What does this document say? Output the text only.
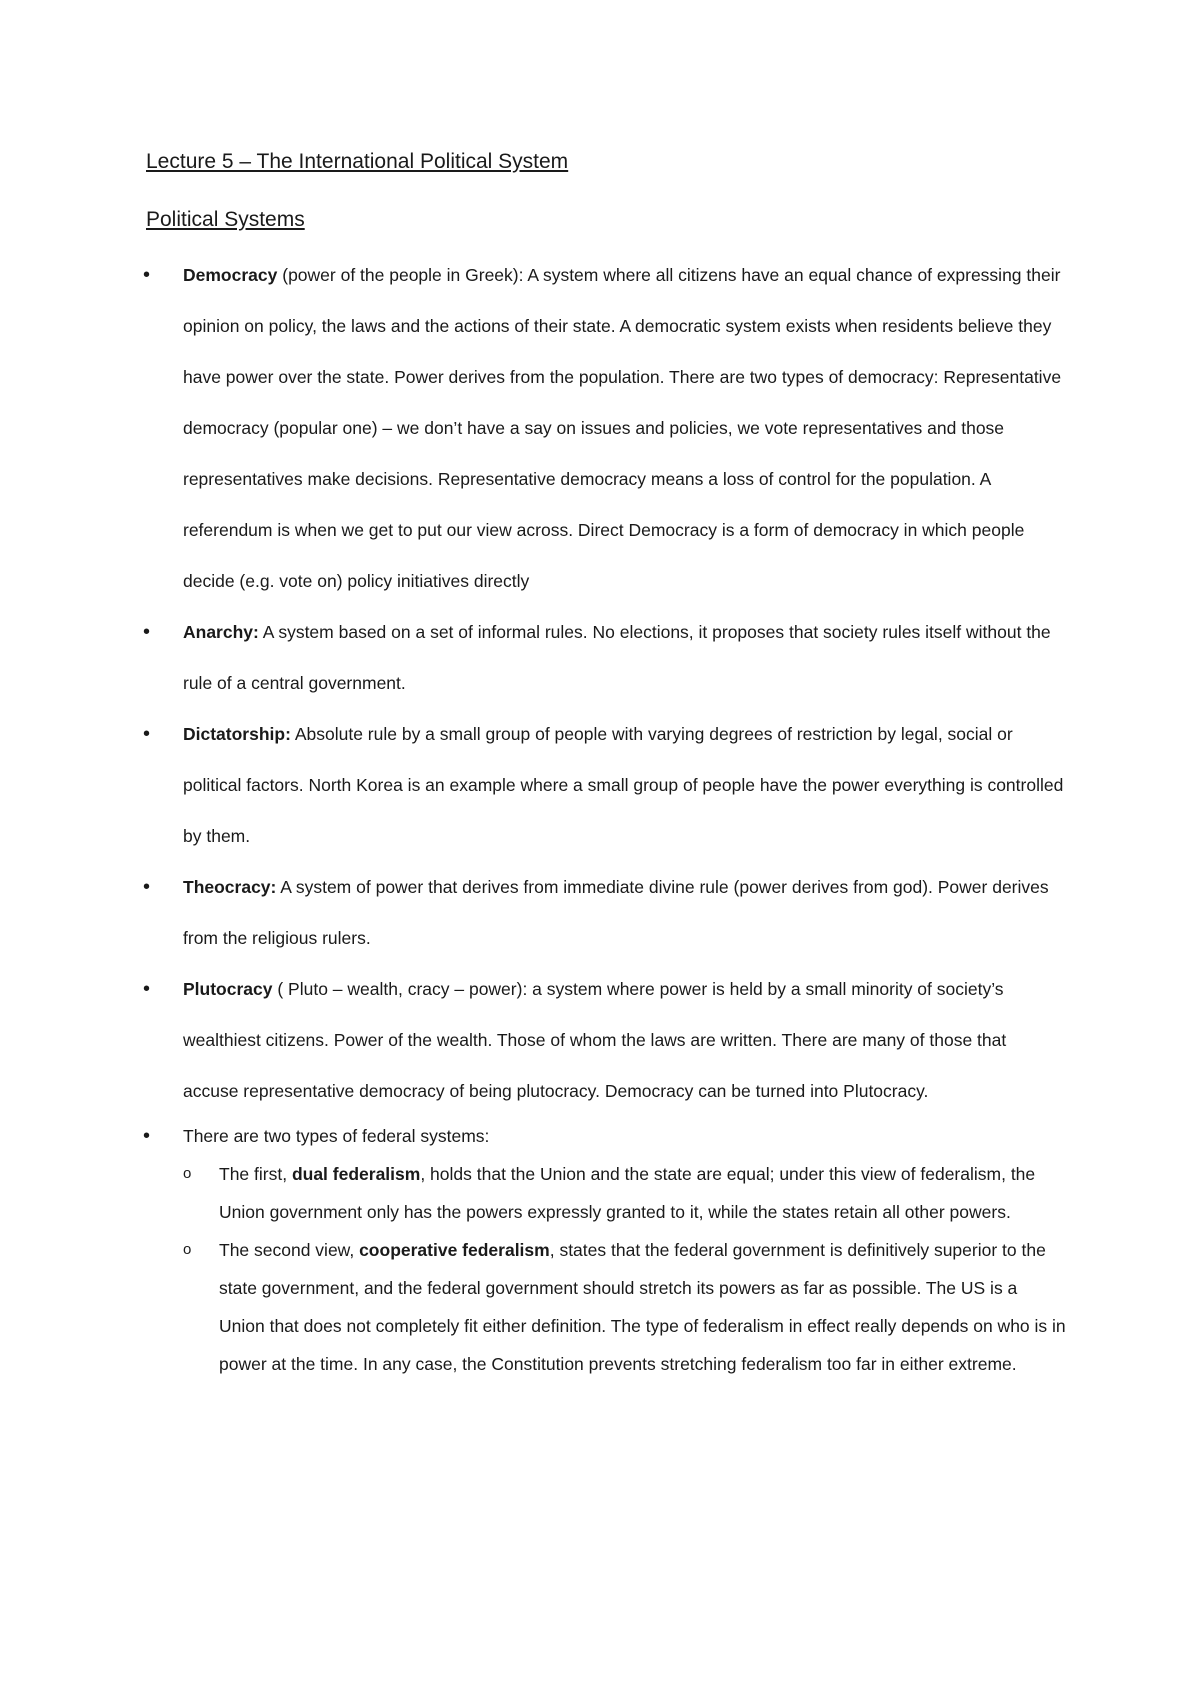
Lecture 5 – The International Political System
Political Systems
• Democracy (power of the people in Greek): A system where all citizens have an equal chance of expressing their opinion on policy, the laws and the actions of their state. A democratic system exists when residents believe they have power over the state. Power derives from the population. There are two types of democracy: Representative democracy (popular one) – we don’t have a say on issues and policies, we vote representatives and those representatives make decisions. Representative democracy means a loss of control for the population. A referendum is when we get to put our view across. Direct Democracy is a form of democracy in which people decide (e.g. vote on) policy initiatives directly
• Anarchy: A system based on a set of informal rules. No elections, it proposes that society rules itself without the rule of a central government.
• Dictatorship: Absolute rule by a small group of people with varying degrees of restriction by legal, social or political factors. North Korea is an example where a small group of people have the power everything is controlled by them.
• Theocracy: A system of power that derives from immediate divine rule (power derives from god). Power derives from the religious rulers.
• Plutocracy ( Pluto – wealth, cracy – power): a system where power is held by a small minority of society’s wealthiest citizens. Power of the wealth. Those of whom the laws are written. There are many of those that accuse representative democracy of being plutocracy. Democracy can be turned into Plutocracy.
• There are two types of federal systems:
o The first, dual federalism, holds that the Union and the state are equal; under this view of federalism, the Union government only has the powers expressly granted to it, while the states retain all other powers.
o The second view, cooperative federalism, states that the federal government is definitively superior to the state government, and the federal government should stretch its powers as far as possible. The US is a Union that does not completely fit either definition. The type of federalism in effect really depends on who is in power at the time. In any case, the Constitution prevents stretching federalism too far in either extreme.
